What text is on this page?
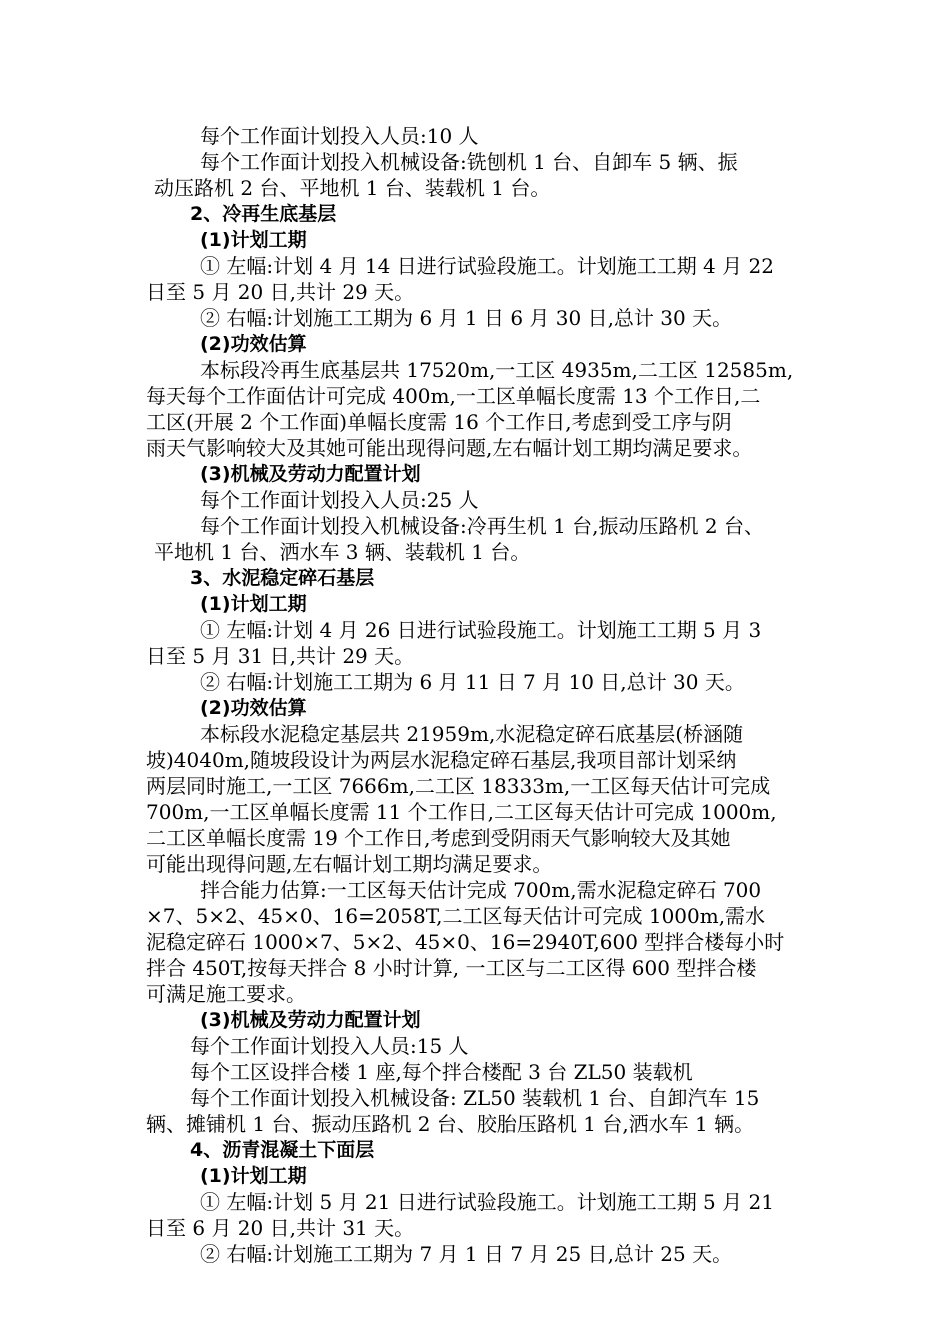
每个工作面计划投入人员:10 人
每个工作面计划投入机械设备:铣刨机 1 台、自卸车 5 辆、振
动压路机 2 台、平地机 1 台、装载机 1 台。
2、冷再生底基层
(1)计划工期
① 左幅:计划 4 月 14 日进行试验段施工。计划施工工期 4 月 22
日至 5 月 20 日,共计 29 天。
② 右幅:计划施工工期为 6 月 1 日 6 月 30 日,总计 30 天。
(2)功效估算
本标段冷再生底基层共 17520m,一工区 4935m,二工区 12585m,
每天每个工作面估计可完成 400m,一工区单幅长度需 13 个工作日,二
工区(开展 2 个工作面)单幅长度需 16 个工作日,考虑到受工序与阴
雨天气影响较大及其她可能出现得问题,左右幅计划工期均满足要求。
(3)机械及劳动力配置计划
每个工作面计划投入人员:25 人
每个工作面计划投入机械设备:冷再生机 1 台,振动压路机 2 台、
平地机 1 台、洒水车 3 辆、装载机 1 台。
3、水泥稳定碎石基层
(1)计划工期
① 左幅:计划 4 月 26 日进行试验段施工。计划施工工期 5 月 3
日至 5 月 31 日,共计 29 天。
② 右幅:计划施工工期为 6 月 11 日 7 月 10 日,总计 30 天。
(2)功效估算
本标段水泥稳定基层共 21959m,水泥稳定碎石底基层(桥涵随
坡)4040m,随坡段设计为两层水泥稳定碎石基层,我项目部计划采纳
两层同时施工,一工区 7666m,二工区 18333m,一工区每天估计可完成
700m,一工区单幅长度需 11 个工作日,二工区每天估计可完成 1000m,
二工区单幅长度需 19 个工作日,考虑到受阴雨天气影响较大及其她
可能出现得问题,左右幅计划工期均满足要求。
拌合能力估算:一工区每天估计完成 700m,需水泥稳定碎石 700
×7、5×2、45×0、16=2058T,二工区每天估计可完成 1000m,需水
泥稳定碎石 1000×7、5×2、45×0、16=2940T,600 型拌合楼每小时
拌合 450T,按每天拌合 8 小时计算, 一工区与二工区得 600 型拌合楼
可满足施工要求。
(3)机械及劳动力配置计划
每个工作面计划投入人员:15 人
每个工区设拌合楼 1 座,每个拌合楼配 3 台 ZL50 装载机
每个工作面计划投入机械设备: ZL50 装载机 1 台、自卸汽车 15
辆、摊铺机 1 台、振动压路机 2 台、胶胎压路机 1 台,洒水车 1 辆。
4、沥青混凝土下面层
(1)计划工期
① 左幅:计划 5 月 21 日进行试验段施工。计划施工工期 5 月 21
日至 6 月 20 日,共计 31 天。
② 右幅:计划施工工期为 7 月 1 日 7 月 25 日,总计 25 天。
